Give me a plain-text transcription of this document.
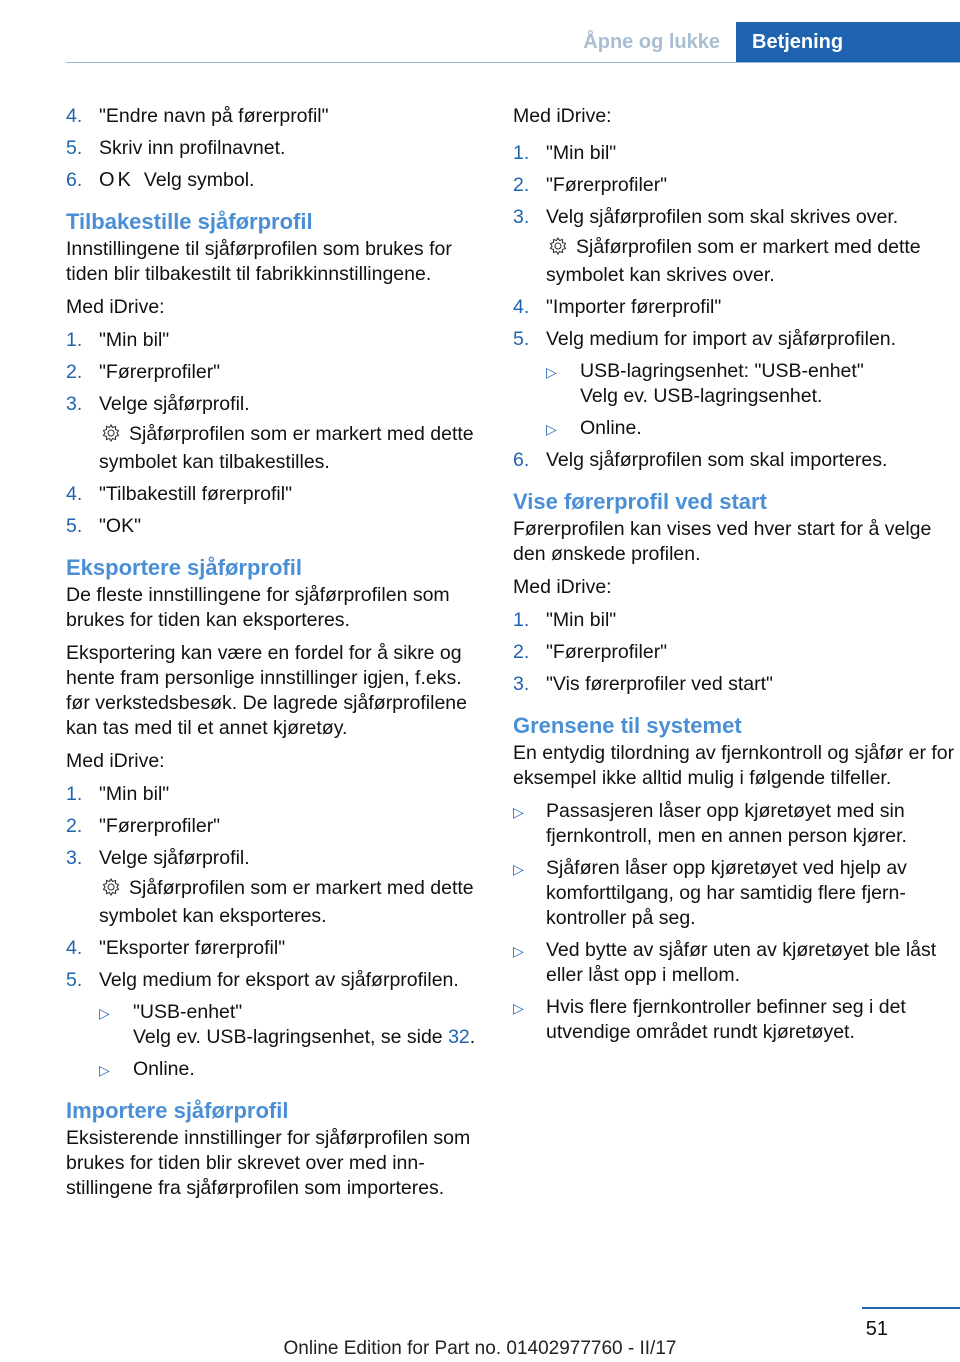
Åpne og lukke	Betjening
4. "Endre navn på førerprofil"
5. Skriv inn profilnavnet.
6. OK Velg symbol.
Tilbakestille sjåførprofil

Innstillingene til sjåførprofilen som brukes for tiden blir tilbakestilt til fabrikkinnstillingene.

Med iDrive:

1. "Min bil"
2. "Førerprofiler"
3. Velge sjåførprofil.
Sjåførprofilen som er markert med dette symbolet kan tilbakestilles.
4. "Tilbakestill førerprofil"
5. "OK"
Eksportere sjåførprofil

De fleste innstillingene for sjåførprofilen som brukes for tiden kan eksporteres.

Eksportering kan være en fordel for å sikre og hente fram personlige innstillinger igjen, f.eks. før verkstedsbesøk. De lagrede sjåførprofilene kan tas med til et annet kjøretøy.

Med iDrive:

1. "Min bil"
2. "Førerprofiler"
3. Velge sjåførprofil.
Sjåførprofilen som er markert med dette symbolet kan eksporteres.
4. "Eksporter førerprofil"
5. Velg medium for eksport av sjåførprofilen.
▷ "USB-enhet"
Velg ev. USB-lagringsenhet, se side 32.
▷ Online.
Importere sjåførprofil

Eksisterende innstillinger for sjåførprofilen som brukes for tiden blir skrevet over med innstillingene fra sjåførprofilen som importeres.

Med iDrive:

1. "Min bil"
2. "Førerprofiler"
3. Velg sjåførprofilen som skal skrives over.
Sjåførprofilen som er markert med dette symbolet kan skrives over.
4. "Importer førerprofil"
5. Velg medium for import av sjåførprofilen.
▷ USB-lagringsenhet: "USB-enhet"
Velg ev. USB-lagringsenhet.
▷ Online.
6. Velg sjåførprofilen som skal importeres.
Vise førerprofil ved start

Førerprofilen kan vises ved hver start for å velge den ønskede profilen.

Med iDrive:

1. "Min bil"
2. "Førerprofiler"
3. "Vis førerprofiler ved start"
Grensene til systemet

En entydig tilordning av fjernkontroll og sjåfør er for eksempel ikke alltid mulig i følgende tilfeller.

▷ Passasjeren låser opp kjøretøyet med sin fjernkontroll, men en annen person kjører.
▷ Sjåføren låser opp kjøretøyet ved hjelp av komforttilgang, og har samtidig flere fjernkontroller på seg.
▷ Ved bytte av sjåfør uten av kjøretøyet ble låst eller låst opp i mellom.
▷ Hvis flere fjernkontroller befinner seg i det utvendige området rundt kjøretøyet.
51
Online Edition for Part no. 01402977760 - II/17
